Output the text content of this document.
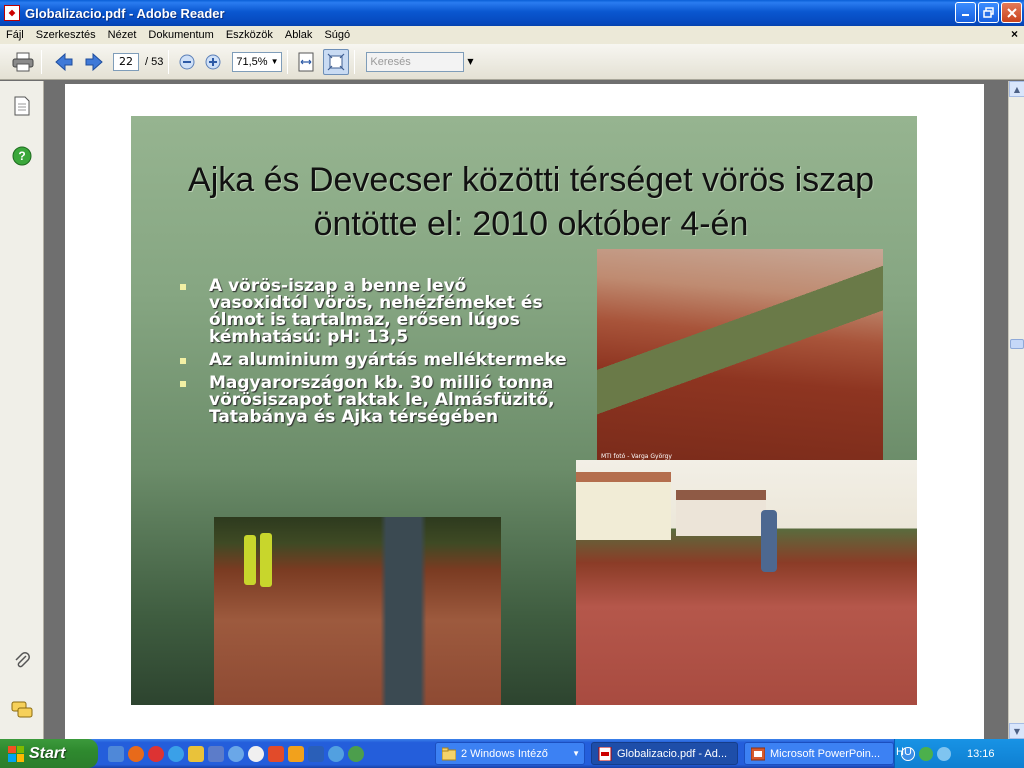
Globalizacio.pdf - Adobe Reader
Fájl	Szerkesztés	Nézet	Dokumentum	Eszközök	Ablak	Súgó	×
22	/ 53	71,5% ▼	Keresés	▼
?
Ajka és Devecser közötti térséget vörös iszap öntötte el: 2010 október 4-én
A vörös-iszap a benne levő vasoxidtól vörös, nehézfémeket és ólmot is tartalmaz, erősen lúgos kémhatású: pH: 13,5
Az aluminium gyártás melléktermeke
Magyarországon kb. 30 millió tonna vörösiszapot raktak le, Almásfüzitő, Tatabánya és Ajka térségében
MTI fotó - Varga György
▲
▼
Start	2 Windows Intéző	▼	Globalizacio.pdf - Ad...	Microsoft PowerPoin...	13:16
HU
